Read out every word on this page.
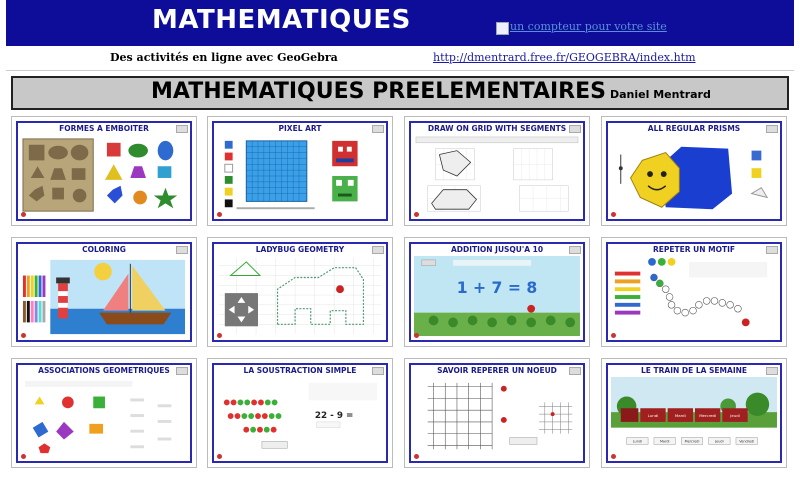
MATHEMATIQUES	un compteur pour votre site
Des activités en ligne avec GeoGebra	http://dmentrard.free.fr/GEOGEBRA/index.htm
MATHEMATIQUES PREELEMENTAIRES Daniel Mentrard
FORMES A EMBOITER	PIXEL ART	DRAW ON GRID WITH SEGMENTS	ALL REGULAR PRISMS
COLORING	LADYBUG GEOMETRY	ADDITION JUSQU'A 10
1 + 7 = 8
REPETER UN MOTIF
ASSOCIATIONS GEOMETRIQUES	LA SOUSTRACTION SIMPLE
22 - 9 =
SAVOIR REPERER UN NOEUD	LE TRAIN DE LA SEMAINE
Lundi	Mardi	Mercredi	Jeudi
Lundi	Mardi	Mercredi	Jeudi	Vendredi
